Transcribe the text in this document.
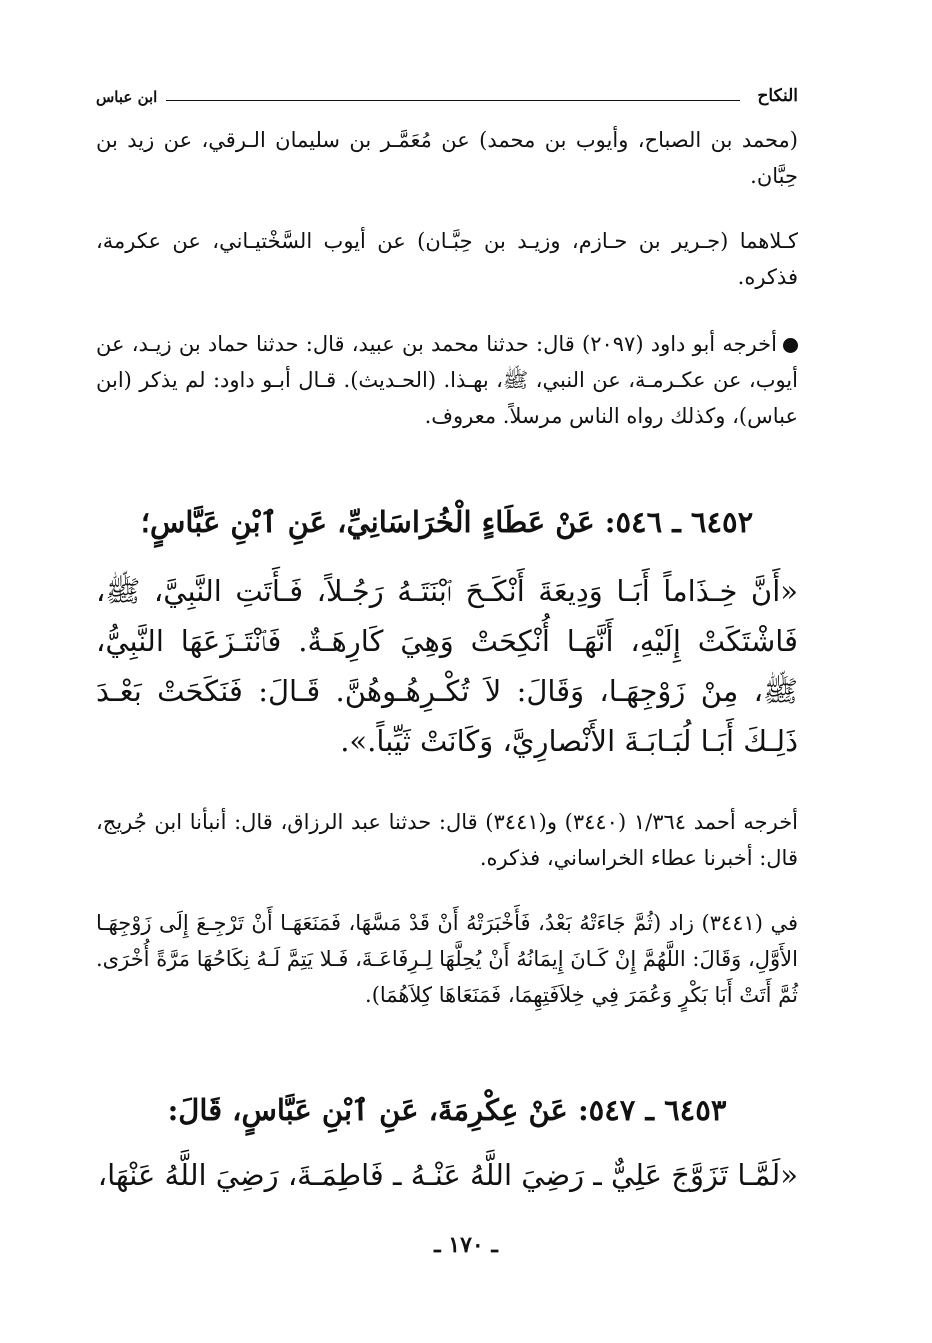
النكاح
ابن عباس
(محمد بن الصباح، وأيوب بن محمد) عن مُعَمَّـر بن سليمان الـرقي، عن زيد بن حِبَّان.
كـلاهما (جـرير بن حـازم، وزيـد بن حِبَّـان) عن أيوب السَّخْتيـاني، عن عكرمة، فذكره.
أخرجه أبو داود (٢٠٩٧) قال: حدثنا محمد بن عبيد، قال: حدثنا حماد بن زيـد، عن أيوب، عن عكـرمـة، عن النبي، ﷺ، بهـذا. (الحـديث). قـال أبـو داود: لم يذكر (ابن عباس)، وكذلك رواه الناس مرسلاً. معروف.
٦٤٥٢ ـ ٥٤٦: عَنْ عَطَاءٍ الْخُرَاسَانِيِّ، عَنِ ٱبْنِ عَبَّاسٍ؛
«أَنَّ خِـذَاماً أَبَـا وَدِيعَةَ أَنْكَـحَ ٱبْنَتَـهُ رَجُـلاً، فَـأَتَتِ النَّبِيَّ، ﷺ، فَاشْتَكَتْ إِلَيْهِ، أَنَّهَـا أُنْكِحَتْ وَهِيَ كَارِهَـةٌ. فَٱنْتَـزَعَهَا النَّبِيُّ، ﷺ، مِنْ زَوْجِهَـا، وَقَالَ: لاَ تُكْـرِهُـوهُنَّ. قَـالَ: فَنَكَحَتْ بَعْـدَ ذَلِـكَ أَبَـا لُبَـابَـةَ الأَنْصارِيَّ، وَكَانَتْ ثَيِّباً.».
أخرجه أحمد ١/٣٦٤ (٣٤٤٠) و(٣٤٤١) قال: حدثنا عبد الرزاق، قال: أنبأنا ابن جُريج، قال: أخبرنا عطاء الخراساني، فذكره.
في (٣٤٤١) زاد (ثُمَّ جَاءَتْهُ بَعْدُ، فَأَخْبَرَتْهُ أَنْ قَدْ مَسَّهَا، فَمَنَعَهَـا أَنْ تَرْجِـعَ إِلَى زَوْجِهَـا الأَوَّلِ، وَقَالَ: اللَّهُمَّ إِنْ كَـانَ إِيمَانُهُ أَنْ يُحِلَّهَا لِـرِفَاعَـةَ، فَـلا يَتِمَّ لَـهُ نِكَاحُهَا مَرَّةً أُخْرَى. ثُمَّ أَتَتْ أَبَا بَكْرٍ وَعُمَرَ فِي خِلاَفَتِهِمَا، فَمَنَعَاهَا كِلاَهُمَا).
٦٤٥٣ ـ ٥٤٧: عَنْ عِكْرِمَةَ، عَنِ ٱبْنِ عَبَّاسٍ، قَالَ:
«لَمَّـا تَزَوَّجَ عَلِيٌّ ـ رَضِيَ اللَّهُ عَنْـهُ ـ فَاطِمَـةَ، رَضِيَ اللَّهُ عَنْهَا،
ـ ١٧٠ ـ
